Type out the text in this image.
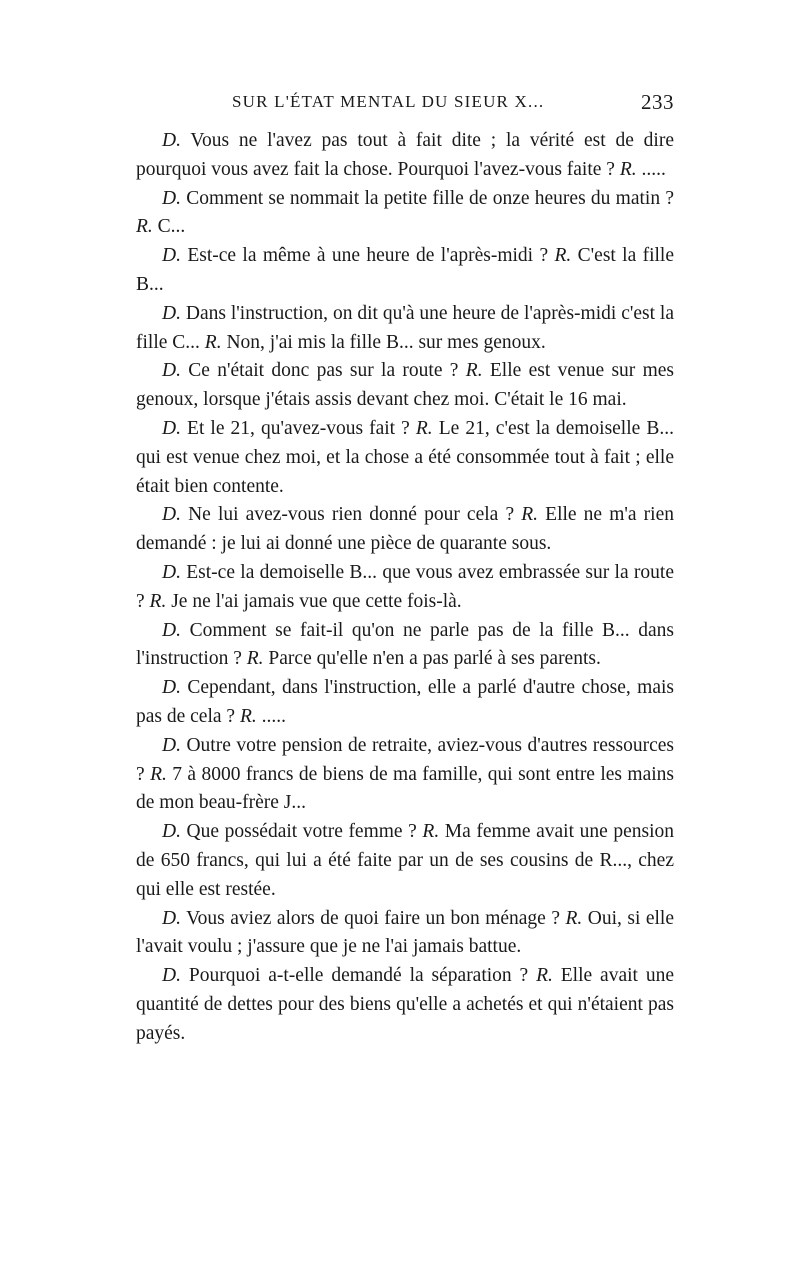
SUR L'ÉTAT MENTAL DU SIEUR X...	233

D. Vous ne l'avez pas tout à fait dite ; la vérité est de dire pourquoi vous avez fait la chose. Pourquoi l'avez-vous faite ? R. .....

D. Comment se nommait la petite fille de onze heures du matin ? R. C...

D. Est-ce la même à une heure de l'après-midi ? R. C'est la fille B...

D. Dans l'instruction, on dit qu'à une heure de l'après-midi c'est la fille C... R. Non, j'ai mis la fille B... sur mes genoux.

D. Ce n'était donc pas sur la route ? R. Elle est venue sur mes genoux, lorsque j'étais assis devant chez moi. C'était le 16 mai.

D. Et le 21, qu'avez-vous fait ? R. Le 21, c'est la demoiselle B... qui est venue chez moi, et la chose a été consommée tout à fait ; elle était bien contente.

D. Ne lui avez-vous rien donné pour cela ? R. Elle ne m'a rien demandé : je lui ai donné une pièce de quarante sous.

D. Est-ce la demoiselle B... que vous avez embrassée sur la route ? R. Je ne l'ai jamais vue que cette fois-là.

D. Comment se fait-il qu'on ne parle pas de la fille B... dans l'instruction ? R. Parce qu'elle n'en a pas parlé à ses parents.

D. Cependant, dans l'instruction, elle a parlé d'autre chose, mais pas de cela ? R. .....

D. Outre votre pension de retraite, aviez-vous d'autres ressources ? R. 7 à 8000 francs de biens de ma famille, qui sont entre les mains de mon beau-frère J...

D. Que possédait votre femme ? R. Ma femme avait une pension de 650 francs, qui lui a été faite par un de ses cousins de R..., chez qui elle est restée.

D. Vous aviez alors de quoi faire un bon ménage ? R. Oui, si elle l'avait voulu ; j'assure que je ne l'ai jamais battue.

D. Pourquoi a-t-elle demandé la séparation ? R. Elle avait une quantité de dettes pour des biens qu'elle a achetés et qui n'étaient pas payés.
